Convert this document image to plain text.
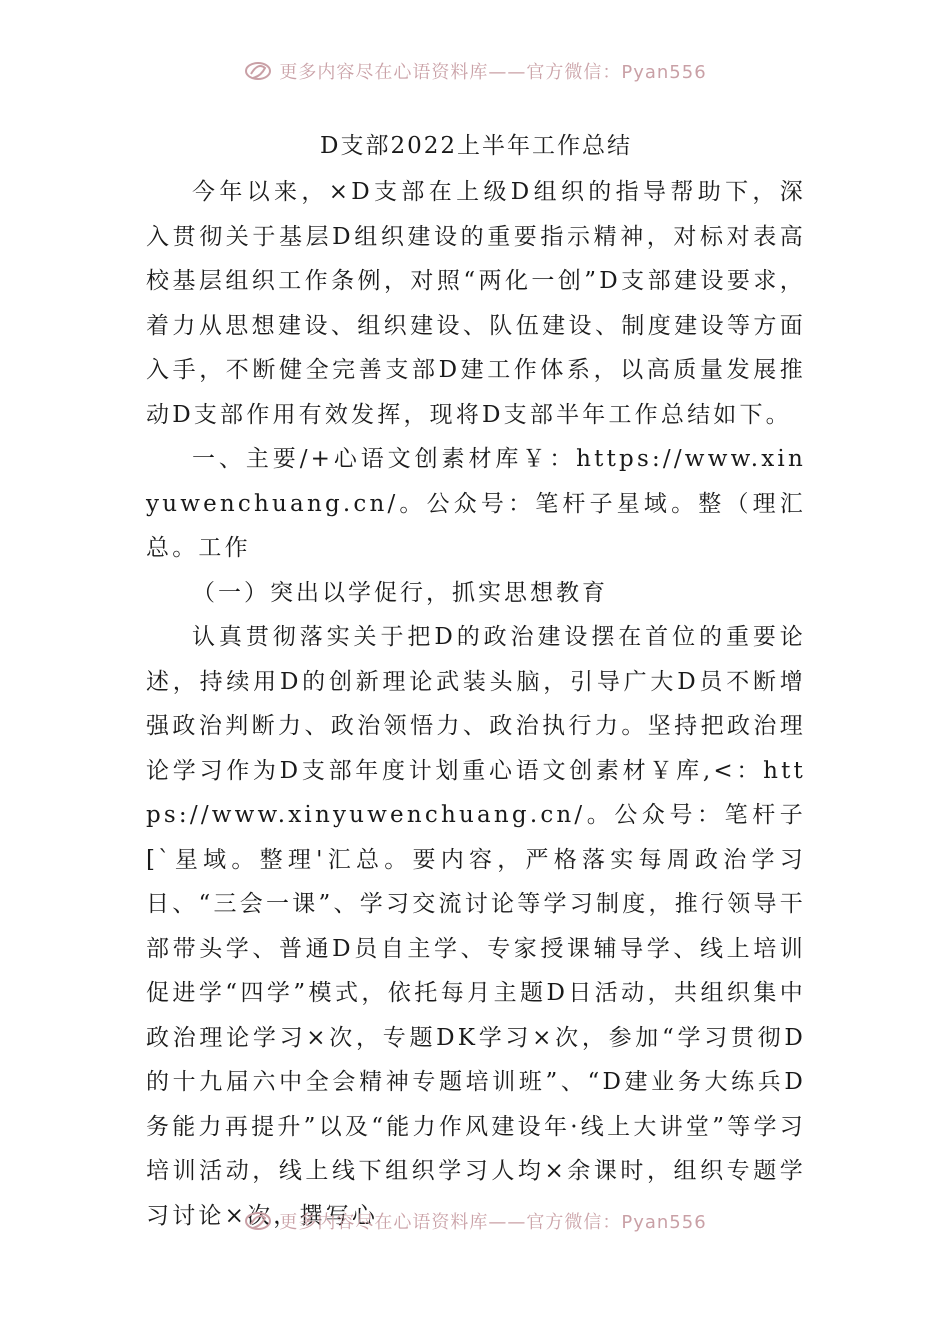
更多内容尽在心语资料库——官方微信：Pyan556
D支部2022上半年工作总结

今年以来，×D支部在上级D组织的指导帮助下，深入贯彻关于基层D组织建设的重要指示精神，对标对表高校基层组织工作条例，对照“两化一创”D支部建设要求，着力从思想建设、组织建设、队伍建设、制度建设等方面入手，不断健全完善支部D建工作体系，以高质量发展推动D支部作用有效发挥，现将D支部半年工作总结如下。

一、主要/+心语文创素材库￥：https://www.xinyuwenchuang.cn/。公众号：笔杆子星域。整（理汇总。工作

（一）突出以学促行，抓实思想教育

认真贯彻落实关于把D的政治建设摆在首位的重要论述，持续用D的创新理论武装头脑，引导广大D员不断增强政治判断力、政治领悟力、政治执行力。坚持把政治理论学习作为D支部年度计划重心语文创素材￥库,<：https://www.xinyuwenchuang.cn/。公众号：笔杆子[`星域。整理'汇总。要内容，严格落实每周政治学习日、“三会一课”、学习交流讨论等学习制度，推行领导干部带头学、普通D员自主学、专家授课辅导学、线上培训促进学“四学”模式，依托每月主题D日活动，共组织集中政治理论学习×次，专题DK学习×次，参加“学习贯彻D的十九届六中全会精神专题培训班”、“D建业务大练兵D务能力再提升”以及“能力作风建设年·线上大讲堂”等学习培训活动，线上线下组织学习人均×余课时，组织专题学习讨论×次，撰写心

更多内容尽在心语资料库——官方微信：Pyan556
